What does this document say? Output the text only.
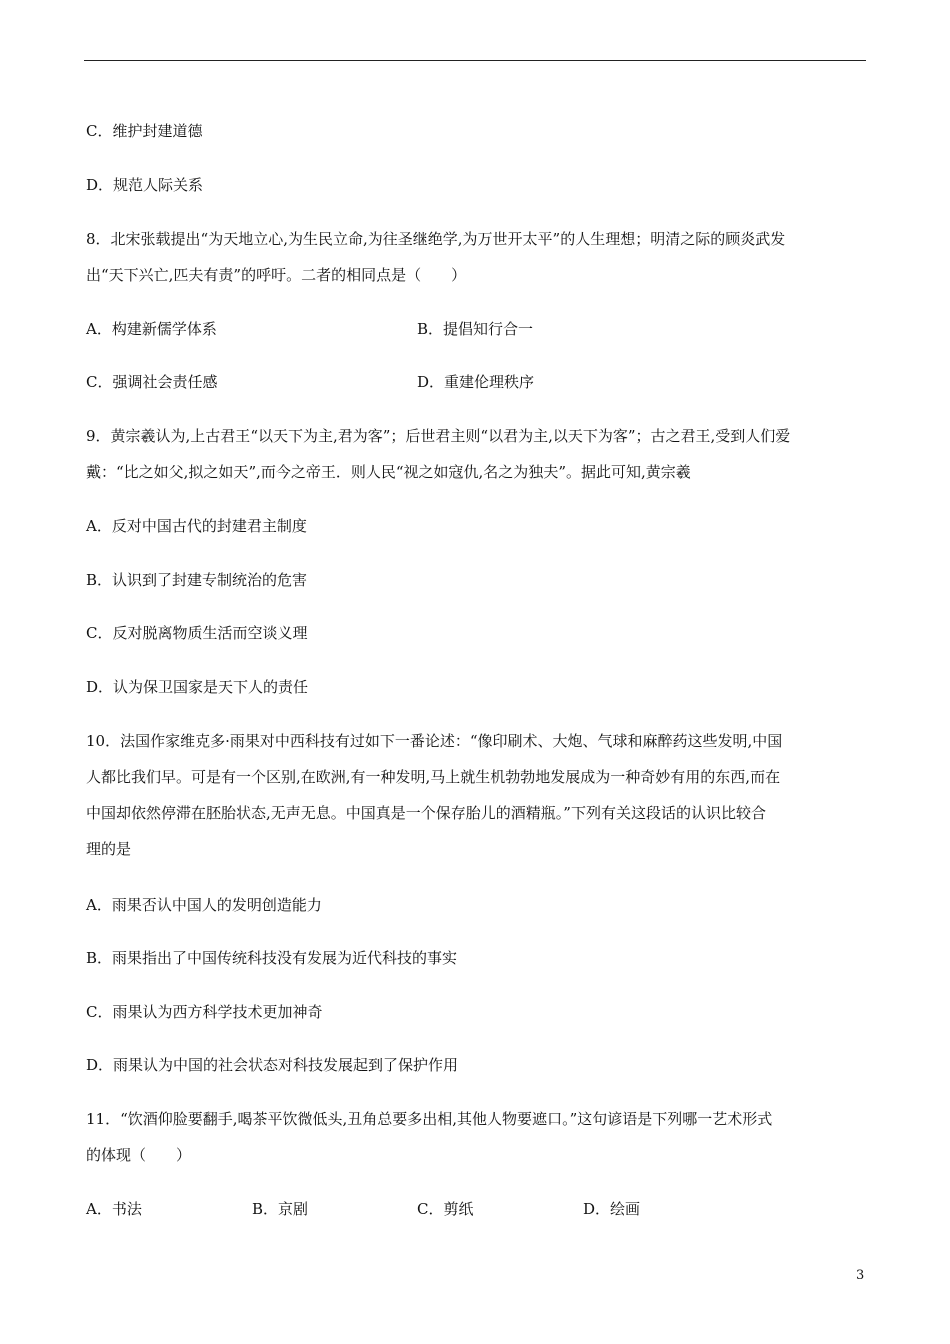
C．维护封建道德
D．规范人际关系
8．北宋张载提出“为天地立心,为生民立命,为往圣继绝学,为万世开太平”的人生理想；明清之际的顾炎武发
出“天下兴亡,匹夫有责”的呼吁。二者的相同点是（　　）
A．构建新儒学体系	B．提倡知行合一
C．强调社会责任感	D．重建伦理秩序
9．黄宗羲认为,上古君王“以天下为主,君为客”；后世君主则“以君为主,以天下为客”；古之君王,受到人们爱
戴：“比之如父,拟之如天”,而今之帝王．则人民“视之如寇仇,名之为独夫”。据此可知,黄宗羲
A．反对中国古代的封建君主制度
B．认识到了封建专制统治的危害
C．反对脱离物质生活而空谈义理
D．认为保卫国家是天下人的责任
10．法国作家维克多·雨果对中西科技有过如下一番论述：“像印刷术、大炮、气球和麻醉药这些发明,中国
人都比我们早。可是有一个区别,在欧洲,有一种发明,马上就生机勃勃地发展成为一种奇妙有用的东西,而在
中国却依然停滞在胚胎状态,无声无息。中国真是一个保存胎儿的酒精瓶。”下列有关这段话的认识比较合
理的是
A．雨果否认中国人的发明创造能力
B．雨果指出了中国传统科技没有发展为近代科技的事实
C．雨果认为西方科学技术更加神奇
D．雨果认为中国的社会状态对科技发展起到了保护作用
11．“饮酒仰脸要翻手,喝茶平饮微低头,丑角总要多出相,其他人物要遮口。”这句谚语是下列哪一艺术形式
的体现（　　）
A．书法	B．京剧	C．剪纸	D．绘画
3
